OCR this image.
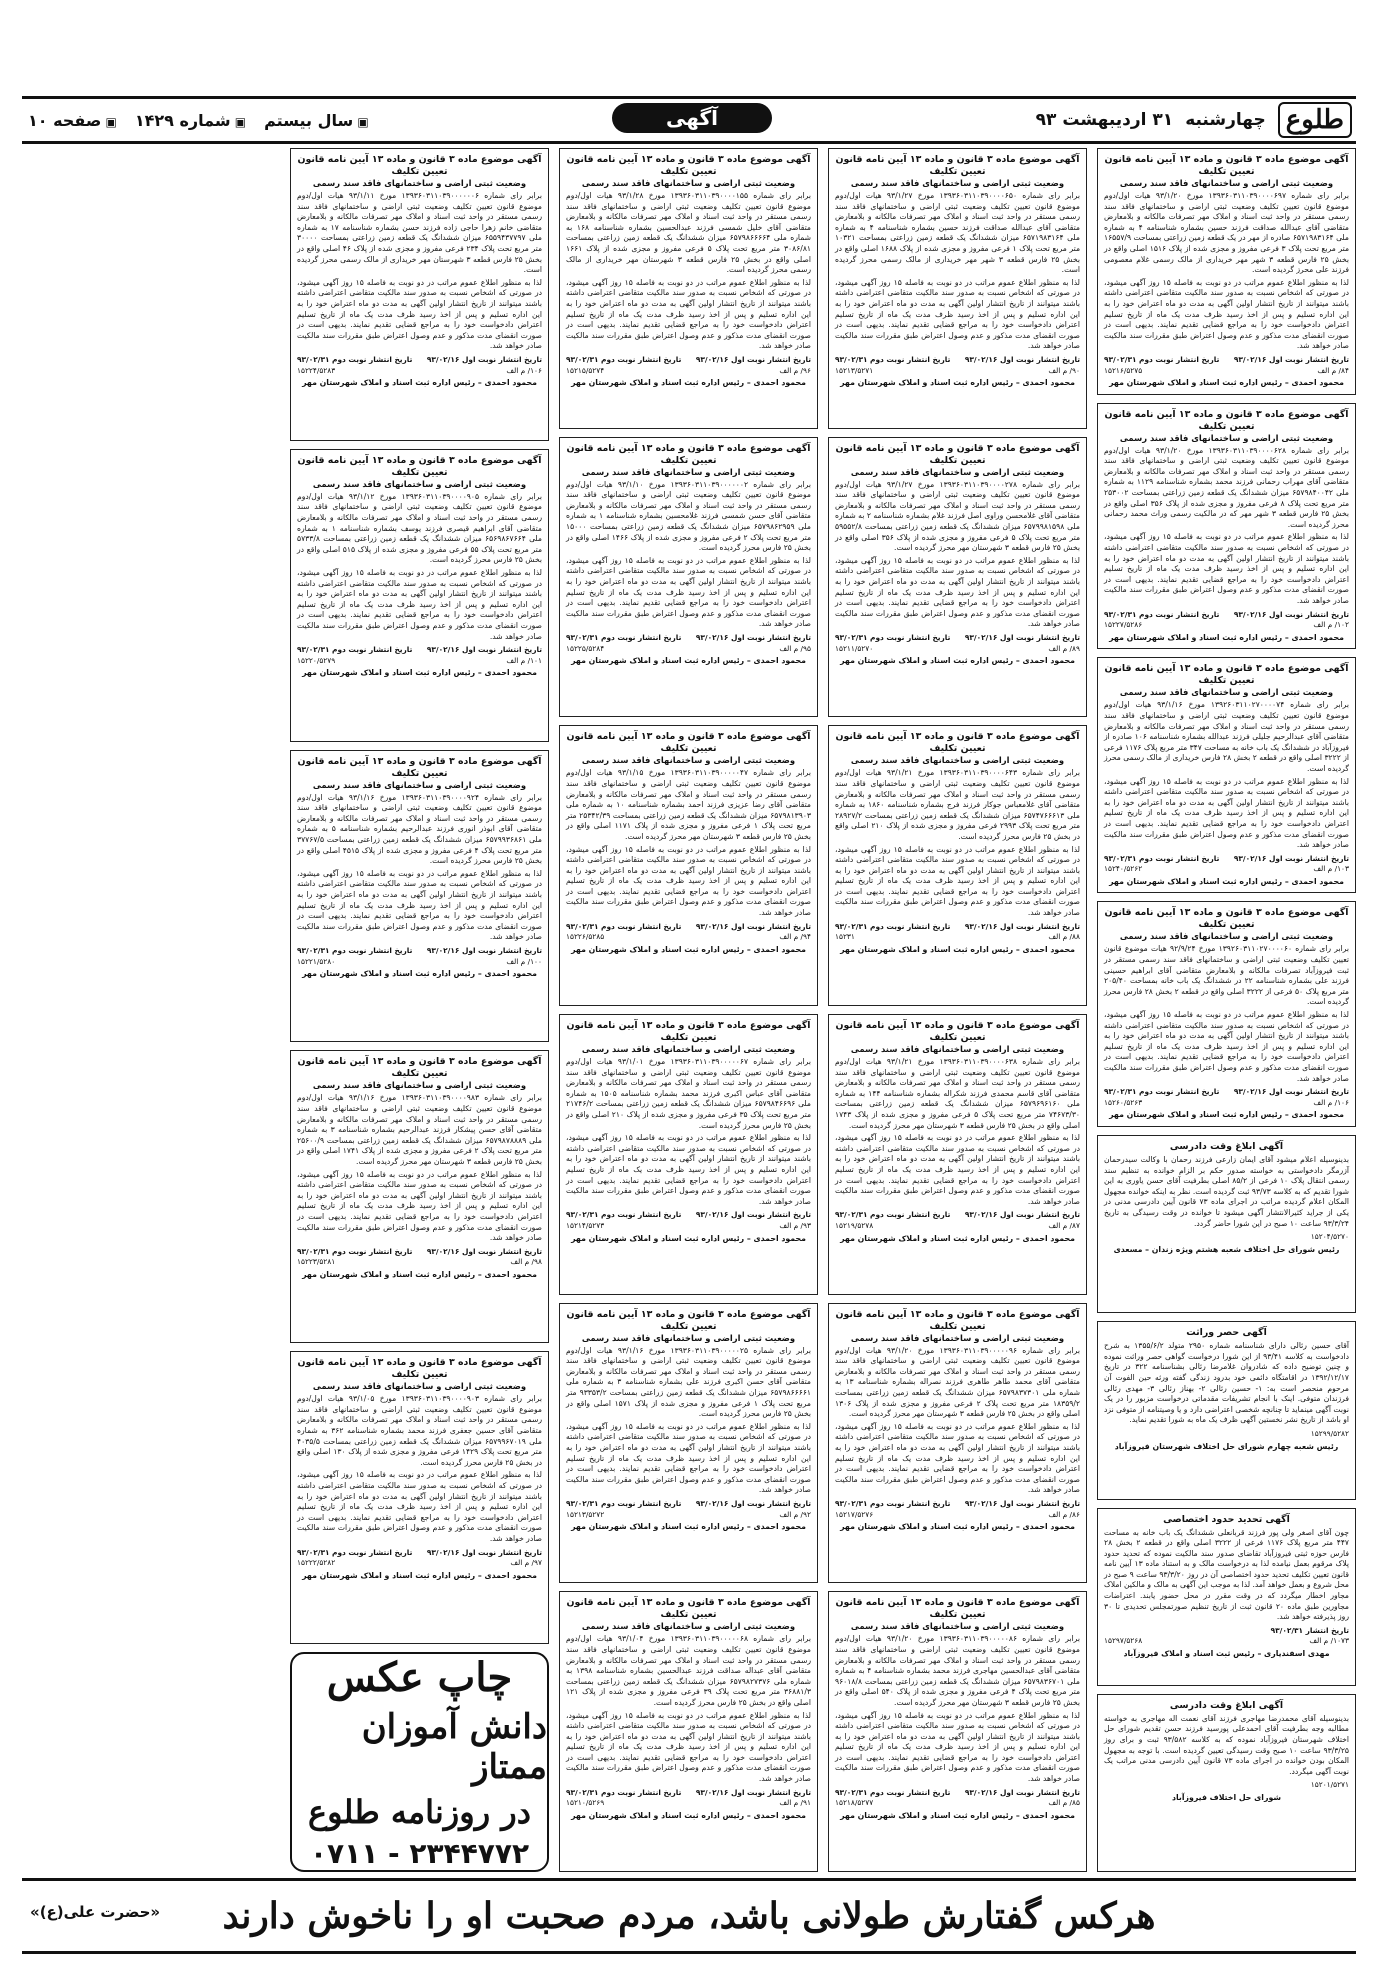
طلوع
چهارشنبه
۳۱ اردیبهشت ۹۳
آگهی
▣ سال بیستم
▣ شماره ۱۴۲۹
▣ صفحه ۱۰
آگهی موضوع ماده ۳ قانون و ماده ۱۳ آیین نامه قانون تعیین تکلیف
وضعیت ثبتی اراضی و ساختمانهای فاقد سند رسمی
برابر رای شماره ۱۳۹۳۶۰۳۱۱۰۳۹۰۰۰۰۶۹۷ مورخ ۹۳/۱/۲۰ هیات اول/دوم موضوع قانون تعیین تکلیف وضعیت ثبتی اراضی و ساختمانهای فاقد سند رسمی مستقر در واحد ثبت اسناد و املاک مهر تصرفات مالکانه و بلامعارض متقاضی آقای عبدالله صداقت فرزند حسین بشماره شناسنامه ۴ به شماره ملی ۶۵۷۱۹۸۳۱۶۴ صادره از مهر در یک قطعه زمین زراعتی بمساحت ۱۶۵۵۷/۹ متر مربع تحت پلاک ۳ فرعی مفروز و مجزی شده از پلاک ۱۵۱۶ اصلی واقع در بخش ۲۵ فارس قطعه ۳ شهر مهر خریداری از مالک رسمی غلام معصومی فرزند علی محرز گردیده است.
لذا به منظور اطلاع عموم مراتب در دو نوبت به فاصله ۱۵ روز آگهی میشود، در صورتی که اشخاص نسبت به صدور سند مالکیت متقاضی اعتراضی داشته باشند میتوانند از تاریخ انتشار اولین آگهی به مدت دو ماه اعتراض خود را به این اداره تسلیم و پس از اخذ رسید ظرف مدت یک ماه از تاریخ تسلیم اعتراض دادخواست خود را به مراجع قضایی تقدیم نمایند. بدیهی است در صورت انقضای مدت مذکور و عدم وصول اعتراض طبق مقررات سند مالکیت صادر خواهد شد.
تاریخ انتشار نوبت اول ۹۳/۰۲/۱۶
تاریخ انتشار نوبت دوم ۹۳/۰۲/۳۱
۸۴/ م الف
۱۵۲۱۶/۵۲۷۵
محمود احمدی – رئیس اداره ثبت اسناد و املاک شهرستان مهر
آگهی موضوع ماده ۳ قانون و ماده ۱۳ آیین نامه قانون تعیین تکلیف
وضعیت ثبتی اراضی و ساختمانهای فاقد سند رسمی
برابر رای شماره ۱۳۹۳۶۰۳۱۱۰۳۹۰۰۰۰۶۲۸ مورخ ۹۳/۱/۲۰ هیات اول/دوم موضوع قانون تعیین تکلیف وضعیت ثبتی اراضی و ساختمانهای فاقد سند رسمی مستقر در واحد ثبت اسناد و املاک مهر تصرفات مالکانه و بلامعارض متقاضی آقای مهراب رحمانی فرزند محمد بشماره شناسنامه ۱۱۲۹ به شماره ملی ۶۵۷۹۸۴۰۰۴۲ میزان ششدانگ یک قطعه زمین زراعتی بمساحت ۲۵۳۰۰۲ متر مربع تحت پلاک ۸ فرعی مفروز و مجزی شده از پلاک ۳۵۶ اصلی واقع در بخش ۲۵ فارس قطعه ۳ شهر مهر که در مالکیت رسمی وراث محمد رحمانی محرز گردیده است.
لذا به منظور اطلاع عموم مراتب در دو نوبت به فاصله ۱۵ روز آگهی میشود، در صورتی که اشخاص نسبت به صدور سند مالکیت متقاضی اعتراضی داشته باشند میتوانند از تاریخ انتشار اولین آگهی به مدت دو ماه اعتراض خود را به این اداره تسلیم و پس از اخذ رسید ظرف مدت یک ماه از تاریخ تسلیم اعتراض دادخواست خود را به مراجع قضایی تقدیم نمایند. بدیهی است در صورت انقضای مدت مذکور و عدم وصول اعتراض طبق مقررات سند مالکیت صادر خواهد شد.
تاریخ انتشار نوبت اول ۹۳/۰۲/۱۶
تاریخ انتشار نوبت دوم ۹۳/۰۲/۳۱
۱۰۲/ م الف
۱۵۲۲۷/۵۲۸۶
محمود احمدی – رئیس اداره ثبت اسناد و املاک شهرستان مهر
آگهی موضوع ماده ۳ قانون و ماده ۱۳ آیین نامه قانون تعیین تکلیف
وضعیت ثبتی اراضی و ساختمانهای فاقد سند رسمی
برابر رای شماره ۱۳۹۲۶۰۳۱۱۰۲۷۰۰۰۰۷۴ مورخ ۹۳/۱/۱۶ هیات اول/دوم موضوع قانون تعیین تکلیف وضعیت ثبتی اراضی و ساختمانهای فاقد سند رسمی مستقر در واحد ثبت اسناد و املاک مهر تصرفات مالکانه و بلامعارض متقاضی آقای عبدالرحیم جلیلی فرزند عبدالله بشماره شناسنامه ۱۰۶ صادره از فیروزآباد در ششدانگ یک باب خانه به مساحت ۳۴۷ متر مربع پلاک ۱۱۷۶ فرعی از ۳۲۲۲ اصلی واقع در قطعه ۲ بخش ۲۸ فارس خریداری از مالک رسمی محرز گردیده است.
لذا به منظور اطلاع عموم مراتب در دو نوبت به فاصله ۱۵ روز آگهی میشود، در صورتی که اشخاص نسبت به صدور سند مالکیت متقاضی اعتراضی داشته باشند میتوانند از تاریخ انتشار اولین آگهی به مدت دو ماه اعتراض خود را به این اداره تسلیم و پس از اخذ رسید ظرف مدت یک ماه از تاریخ تسلیم اعتراض دادخواست خود را به مراجع قضایی تقدیم نمایند. بدیهی است در صورت انقضای مدت مذکور و عدم وصول اعتراض طبق مقررات سند مالکیت صادر خواهد شد.
تاریخ انتشار نوبت اول ۹۳/۰۲/۱۶
تاریخ انتشار نوبت دوم ۹۳/۰۲/۳۱
۱۰۳/ م الف
۱۵۲۴۰/۵۲۶۲
محمود احمدی – رئیس اداره ثبت اسناد و املاک شهرستان مهر
آگهی موضوع ماده ۳ قانون و ماده ۱۳ آیین نامه قانون تعیین تکلیف
وضعیت ثبتی اراضی و ساختمانهای فاقد سند رسمی
برابر رای شماره ۱۳۹۲۶۰۳۱۱۰۲۷۰۰۰۰۶۰ مورخ ۹۲/۹/۲۴ هیات موضوع قانون تعیین تکلیف وضعیت ثبتی اراضی و ساختمانهای فاقد سند رسمی مستقر در ثبت فیروزآباد تصرفات مالکانه و بلامعارض متقاضی آقای ابراهیم حسینی فرزند علی بشماره شناسنامه ۲۲ در ششدانگ یک باب خانه بمساحت ۲۰۵/۴۰ متر مربع پلاک ۵۰ فرعی از ۳۲۲۲ اصلی واقع در قطعه ۲ بخش ۲۸ فارس محرز گردیده است.
لذا به منظور اطلاع عموم مراتب در دو نوبت به فاصله ۱۵ روز آگهی میشود، در صورتی که اشخاص نسبت به صدور سند مالکیت متقاضی اعتراضی داشته باشند میتوانند از تاریخ انتشار اولین آگهی به مدت دو ماه اعتراض خود را به این اداره تسلیم و پس از اخذ رسید ظرف مدت یک ماه از تاریخ تسلیم اعتراض دادخواست خود را به مراجع قضایی تقدیم نمایند. بدیهی است در صورت انقضای مدت مذکور و عدم وصول اعتراض طبق مقررات سند مالکیت صادر خواهد شد.
تاریخ انتشار نوبت اول ۹۳/۰۲/۱۶
تاریخ انتشار نوبت دوم ۹۳/۰۲/۳۱
۱۰۶/ م الف
۱۵۲۶۰/۵۲۶۳
محمود احمدی – رئیس اداره ثبت اسناد و املاک شهرستان مهر
آگهی ابلاغ وقت دادرسی
بدینوسیله اعلام میشود آقای ایمان زارعی فرزند رحمان با وکالت سیدرحمان آزرمگر دادخواستی به خواسته صدور حکم بر الزام خوانده به تنظیم سند رسمی انتقال پلاک ۱۰ فرعی از ۸۵/۲ اصلی بطرفیت آقای حسن یاوری به این شورا تقدیم که به کلاسه ۹۳/۷۳ ثبت گردیده است. نظر به اینکه خوانده مجهول المکان اعلام گردیده مراتب در اجرای ماده ۷۳ قانون آیین دادرسی مدنی در یکی از جراید کثیرالانتشار آگهی میشود تا خوانده در وقت رسیدگی به تاریخ ۹۳/۳/۲۴ ساعت ۱۰ صبح در این شورا حاضر گردد.
۱۵۲۰۴/۵۲۷۰
رئیس شورای حل اختلاف شعبه هشتم ویژه زندان – مسعدی
آگهی حصر وراثت
آقای حسین رئالی دارای شناسنامه شماره ۲۹۵۰ متولد ۱۳۵۵/۶/۲ به شرح دادخواست به کلاسه ۹۳/۴۱ از این شورا درخواست گواهی حصر وراثت نموده و چنین توضیح داده که شادروان غلامرضا رئالی بشناسنامه ۳۲۲ در تاریخ ۱۳۹۲/۱۲/۱۷ در اقامتگاه دائمی خود بدرود زندگی گفته ورثه حین الفوت آن مرحوم منحصر است به: ۱- حسین رئالی ۲- بهناز رئالی ۳- مهدی رئالی فرزندان متوفی. اینک با انجام تشریفات مقدماتی درخواست مزبور را در یک نوبت آگهی مینماید تا چنانچه شخصی اعتراضی دارد و یا وصیتنامه از متوفی نزد او باشد از تاریخ نشر نخستین آگهی ظرف یک ماه به شورا تقدیم نماید.
۱۵۲۹۹/۵۲۸۲
رئیس شعبه چهارم شورای حل اختلاف شهرستان فیروزآباد
آگهی تحدید حدود اختصاصی
چون آقای اصغر ولی پور فرزند قربانعلی ششدانگ یک باب خانه به مساحت ۴۴۷ متر مربع پلاک ۱۱۷۶ فرعی از ۳۲۲۲ اصلی واقع در قطعه ۲ بخش ۲۸ فارس حوزه ثبتی فیروزآباد تقاضای صدور سند مالکیت نموده که تحدید حدود پلاک مرقوم بعمل نیامده لذا به درخواست مالک و به استناد ماده ۱۳ آیین نامه قانون تعیین تکلیف تحدید حدود اختصاصی آن در روز ۹۳/۳/۲۰ ساعت ۹ صبح در محل شروع و بعمل خواهد آمد. لذا به موجب این آگهی به مالک و مالکین املاک مجاور اخطار میگردد که در وقت مقرر در محل حضور یابند. اعتراضات مجاورین طبق ماده ۲۰ قانون ثبت از تاریخ تنظیم صورتمجلس تحدیدی تا ۳۰ روز پذیرفته خواهد شد.
تاریخ انتشار ۹۳/۰۲/۳۱
۱۰۷۳/ م الف
۱۵۲۹۷/۵۲۶۸
مهدی اسفندیاری – رئیس ثبت اسناد و املاک فیروزآباد
آگهی ابلاغ وقت دادرسی
بدینوسیله آقای محمدرضا مهاجری فرزند آقای نعمت اله مهاجری به خواسته مطالبه وجه بطرفیت آقای احمدعلی پورسید فرزند حسن تقدیم شورای حل اختلاف شهرستان فیروزآباد نموده که به کلاسه ۹۳/۵۸۲ ثبت و برای روز ۹۳/۳/۲۵ ساعت ۱۰ صبح وقت رسیدگی تعیین گردیده است. با توجه به مجهول المکان بودن خوانده در اجرای ماده ۷۳ قانون آیین دادرسی مدنی مراتب یک نوبت آگهی میگردد.
۱۵۲۰۱/۵۲۷۱
شورای حل اختلاف فیروزآباد
آگهی موضوع ماده ۳ قانون و ماده ۱۳ آیین نامه قانون تعیین تکلیف
وضعیت ثبتی اراضی و ساختمانهای فاقد سند رسمی
برابر رای شماره ۱۳۹۳۶۰۳۱۱۰۳۹۰۰۰۰۶۵۰ مورخ ۹۳/۱/۲۷ هیات اول/دوم موضوع قانون تعیین تکلیف وضعیت ثبتی اراضی و ساختمانهای فاقد سند رسمی مستقر در واحد ثبت اسناد و املاک مهر تصرفات مالکانه و بلامعارض متقاضی آقای عبدالله صداقت فرزند حسین بشماره شناسنامه ۴ به شماره ملی ۶۵۷۱۹۸۳۱۶۴ میزان ششدانگ یک قطعه زمین زراعتی بمساحت ۱۰۳۲۱ متر مربع تحت پلاک ۱ فرعی مفروز و مجزی شده از پلاک ۱۶۸۸ اصلی واقع در بخش ۲۵ فارس قطعه ۳ شهر مهر خریداری از مالک رسمی محرز گردیده است.
لذا به منظور اطلاع عموم مراتب در دو نوبت به فاصله ۱۵ روز آگهی میشود، در صورتی که اشخاص نسبت به صدور سند مالکیت متقاضی اعتراضی داشته باشند میتوانند از تاریخ انتشار اولین آگهی به مدت دو ماه اعتراض خود را به این اداره تسلیم و پس از اخذ رسید ظرف مدت یک ماه از تاریخ تسلیم اعتراض دادخواست خود را به مراجع قضایی تقدیم نمایند. بدیهی است در صورت انقضای مدت مذکور و عدم وصول اعتراض طبق مقررات سند مالکیت صادر خواهد شد.
تاریخ انتشار نوبت اول ۹۳/۰۲/۱۶
تاریخ انتشار نوبت دوم ۹۳/۰۲/۳۱
۹۰/ م الف
۱۵۲۱۳/۵۲۷۱
محمود احمدی – رئیس اداره ثبت اسناد و املاک شهرستان مهر
آگهی موضوع ماده ۳ قانون و ماده ۱۳ آیین نامه قانون تعیین تکلیف
وضعیت ثبتی اراضی و ساختمانهای فاقد سند رسمی
برابر رای شماره ۱۳۹۳۶۰۳۱۱۰۳۹۰۰۰۰۲۷۸ مورخ ۹۳/۱/۲۷ هیات اول/دوم موضوع قانون تعیین تکلیف وضعیت ثبتی اراضی و ساختمانهای فاقد سند رسمی مستقر در واحد ثبت اسناد و املاک مهر تصرفات مالکانه و بلامعارض متقاضی آقای غلامحسن وراوی اصل فرزند غلام بشماره شناسنامه ۲ به شماره ملی ۶۵۷۹۹۸۱۵۹۸ میزان ششدانگ یک قطعه زمین زراعتی بمساحت ۵۹۵۵۲/۸ متر مربع تحت پلاک ۵ فرعی مفروز و مجزی شده از پلاک ۳۵۶ اصلی واقع در بخش ۲۵ فارس قطعه ۳ شهرستان مهر محرز گردیده است.
لذا به منظور اطلاع عموم مراتب در دو نوبت به فاصله ۱۵ روز آگهی میشود، در صورتی که اشخاص نسبت به صدور سند مالکیت متقاضی اعتراضی داشته باشند میتوانند از تاریخ انتشار اولین آگهی به مدت دو ماه اعتراض خود را به این اداره تسلیم و پس از اخذ رسید ظرف مدت یک ماه از تاریخ تسلیم اعتراض دادخواست خود را به مراجع قضایی تقدیم نمایند. بدیهی است در صورت انقضای مدت مذکور و عدم وصول اعتراض طبق مقررات سند مالکیت صادر خواهد شد.
تاریخ انتشار نوبت اول ۹۳/۰۲/۱۶
تاریخ انتشار نوبت دوم ۹۳/۰۲/۳۱
۸۹/ م الف
۱۵۲۱۱/۵۲۷۰
محمود احمدی – رئیس اداره ثبت اسناد و املاک شهرستان مهر
آگهی موضوع ماده ۳ قانون و ماده ۱۳ آیین نامه قانون تعیین تکلیف
وضعیت ثبتی اراضی و ساختمانهای فاقد سند رسمی
برابر رای شماره ۱۳۹۳۶۰۳۱۱۰۳۹۰۰۰۰۶۴۳ مورخ ۹۳/۱/۲۱ هیات اول/دوم موضوع قانون تعیین تکلیف وضعیت ثبتی اراضی و ساختمانهای فاقد سند رسمی مستقر در واحد ثبت اسناد و املاک مهر تصرفات مالکانه و بلامعارض متقاضی آقای غلامعباس جوکار فرزند فرج بشماره شناسنامه ۱۸۶۰ به شماره ملی ۶۵۷۴۷۶۶۶۱۳ میزان ششدانگ یک قطعه زمین زراعتی بمساحت ۲۸۹۲۷/۲ متر مربع تحت پلاک ۲۹۹۳ فرعی مفروز و مجزی شده از پلاک ۲۱۰ اصلی واقع در بخش ۲۵ فارس محرز گردیده است.
لذا به منظور اطلاع عموم مراتب در دو نوبت به فاصله ۱۵ روز آگهی میشود، در صورتی که اشخاص نسبت به صدور سند مالکیت متقاضی اعتراضی داشته باشند میتوانند از تاریخ انتشار اولین آگهی به مدت دو ماه اعتراض خود را به این اداره تسلیم و پس از اخذ رسید ظرف مدت یک ماه از تاریخ تسلیم اعتراض دادخواست خود را به مراجع قضایی تقدیم نمایند. بدیهی است در صورت انقضای مدت مذکور و عدم وصول اعتراض طبق مقررات سند مالکیت صادر خواهد شد.
تاریخ انتشار نوبت اول ۹۳/۰۲/۱۶
تاریخ انتشار نوبت دوم ۹۳/۰۲/۳۱
۸۸/ م الف
۱۵۲۳۱
محمود احمدی – رئیس اداره ثبت اسناد و املاک شهرستان مهر
آگهی موضوع ماده ۳ قانون و ماده ۱۳ آیین نامه قانون تعیین تکلیف
وضعیت ثبتی اراضی و ساختمانهای فاقد سند رسمی
برابر رای شماره ۱۳۹۳۶۰۳۱۱۰۳۹۰۰۰۰۶۳۸ مورخ ۹۳/۱/۲۱ هیات اول/دوم موضوع قانون تعیین تکلیف وضعیت ثبتی اراضی و ساختمانهای فاقد سند رسمی مستقر در واحد ثبت اسناد و املاک مهر تصرفات مالکانه و بلامعارض متقاضی آقای قاسم محمدی فرزند شکراله بشماره شناسنامه ۱۴۴ به شماره ملی ۶۵۷۹۶۹۶۱۶۰ میزان ششدانگ یک قطعه زمین زراعتی بمساحت ۷۴۶۷۳/۳۰ متر مربع تحت پلاک ۵ فرعی مفروز و مجزی شده از پلاک ۱۷۴۳ اصلی واقع در بخش ۲۵ فارس قطعه ۳ شهرستان مهر محرز گردیده است.
لذا به منظور اطلاع عموم مراتب در دو نوبت به فاصله ۱۵ روز آگهی میشود، در صورتی که اشخاص نسبت به صدور سند مالکیت متقاضی اعتراضی داشته باشند میتوانند از تاریخ انتشار اولین آگهی به مدت دو ماه اعتراض خود را به این اداره تسلیم و پس از اخذ رسید ظرف مدت یک ماه از تاریخ تسلیم اعتراض دادخواست خود را به مراجع قضایی تقدیم نمایند. بدیهی است در صورت انقضای مدت مذکور و عدم وصول اعتراض طبق مقررات سند مالکیت صادر خواهد شد.
تاریخ انتشار نوبت اول ۹۳/۰۲/۱۶
تاریخ انتشار نوبت دوم ۹۳/۰۲/۳۱
۸۷/ م الف
۱۵۲۱۹/۵۲۷۸
محمود احمدی – رئیس اداره ثبت اسناد و املاک شهرستان مهر
آگهی موضوع ماده ۳ قانون و ماده ۱۳ آیین نامه قانون تعیین تکلیف
وضعیت ثبتی اراضی و ساختمانهای فاقد سند رسمی
برابر رای شماره ۱۳۹۳۶۰۳۱۱۰۳۹۰۰۰۰۰۹۶ مورخ ۹۳/۱/۲۰ هیات اول/دوم موضوع قانون تعیین تکلیف وضعیت ثبتی اراضی و ساختمانهای فاقد سند رسمی مستقر در واحد ثبت اسناد و املاک مهر تصرفات مالکانه و بلامعارض متقاضی آقای محمد طاهر طاهری فرزند نصراله بشماره شناسنامه ۱۳ به شماره ملی ۶۵۷۹۸۳۷۳۰۱ میزان ششدانگ یک قطعه زمین زراعتی بمساحت ۱۸۳۵۹/۲ متر مربع تحت پلاک ۲ فرعی مفروز و مجزی شده از پلاک ۱۳۰۶ اصلی واقع در بخش ۲۵ فارس قطعه ۳ شهرستان مهر محرز گردیده است.
لذا به منظور اطلاع عموم مراتب در دو نوبت به فاصله ۱۵ روز آگهی میشود، در صورتی که اشخاص نسبت به صدور سند مالکیت متقاضی اعتراضی داشته باشند میتوانند از تاریخ انتشار اولین آگهی به مدت دو ماه اعتراض خود را به این اداره تسلیم و پس از اخذ رسید ظرف مدت یک ماه از تاریخ تسلیم اعتراض دادخواست خود را به مراجع قضایی تقدیم نمایند. بدیهی است در صورت انقضای مدت مذکور و عدم وصول اعتراض طبق مقررات سند مالکیت صادر خواهد شد.
تاریخ انتشار نوبت اول ۹۳/۰۲/۱۶
تاریخ انتشار نوبت دوم ۹۳/۰۲/۳۱
۸۶/ م الف
۱۵۲۱۷/۵۲۷۶
محمود احمدی – رئیس اداره ثبت اسناد و املاک شهرستان مهر
آگهی موضوع ماده ۳ قانون و ماده ۱۳ آیین نامه قانون تعیین تکلیف
وضعیت ثبتی اراضی و ساختمانهای فاقد سند رسمی
برابر رای شماره ۱۳۹۳۶۰۳۱۱۰۳۹۰۰۰۰۰۸۶ مورخ ۹۳/۱/۲۰ هیات اول/دوم موضوع قانون تعیین تکلیف وضعیت ثبتی اراضی و ساختمانهای فاقد سند رسمی مستقر در واحد ثبت اسناد و املاک مهر تصرفات مالکانه و بلامعارض متقاضی آقای عبدالحسین مهاجری فرزند محمد بشماره شناسنامه ۴ به شماره ملی ۶۵۷۹۸۳۶۷۰۱ میزان ششدانگ یک قطعه زمین زراعتی بمساحت ۹۶۰۱۸/۸ متر مربع تحت پلاک ۴ فرعی مفروز و مجزی شده از پلاک ۵۴۰ اصلی واقع در بخش ۲۵ فارس قطعه ۳ شهرستان مهر محرز گردیده است.
لذا به منظور اطلاع عموم مراتب در دو نوبت به فاصله ۱۵ روز آگهی میشود، در صورتی که اشخاص نسبت به صدور سند مالکیت متقاضی اعتراضی داشته باشند میتوانند از تاریخ انتشار اولین آگهی به مدت دو ماه اعتراض خود را به این اداره تسلیم و پس از اخذ رسید ظرف مدت یک ماه از تاریخ تسلیم اعتراض دادخواست خود را به مراجع قضایی تقدیم نمایند. بدیهی است در صورت انقضای مدت مذکور و عدم وصول اعتراض طبق مقررات سند مالکیت صادر خواهد شد.
تاریخ انتشار نوبت اول ۹۳/۰۲/۱۶
تاریخ انتشار نوبت دوم ۹۳/۰۲/۳۱
۸۵/ م الف
۱۵۲۱۸/۵۲۷۷
محمود احمدی – رئیس اداره ثبت اسناد و املاک شهرستان مهر
آگهی موضوع ماده ۳ قانون و ماده ۱۳ آیین نامه قانون تعیین تکلیف
وضعیت ثبتی اراضی و ساختمانهای فاقد سند رسمی
برابر رای شماره ۱۳۹۳۶۰۳۱۱۰۳۹۰۰۰۰۱۵۵ مورخ ۹۳/۱/۲۸ هیات اول/دوم موضوع قانون تعیین تکلیف وضعیت ثبتی اراضی و ساختمانهای فاقد سند رسمی مستقر در واحد ثبت اسناد و املاک مهر تصرفات مالکانه و بلامعارض متقاضی آقای خلیل شمسی فرزند عبدالحسین بشماره شناسنامه ۱۶۸ به شماره ملی ۶۵۷۹۸۶۶۶۶۴ میزان ششدانگ یک قطعه زمین زراعتی بمساحت ۳۰۸۶/۸۱ متر مربع تحت پلاک ۵ فرعی مفروز و مجزی شده از پلاک ۱۶۶۱ اصلی واقع در بخش ۲۵ فارس قطعه ۳ شهرستان مهر خریداری از مالک رسمی محرز گردیده است.
لذا به منظور اطلاع عموم مراتب در دو نوبت به فاصله ۱۵ روز آگهی میشود، در صورتی که اشخاص نسبت به صدور سند مالکیت متقاضی اعتراضی داشته باشند میتوانند از تاریخ انتشار اولین آگهی به مدت دو ماه اعتراض خود را به این اداره تسلیم و پس از اخذ رسید ظرف مدت یک ماه از تاریخ تسلیم اعتراض دادخواست خود را به مراجع قضایی تقدیم نمایند. بدیهی است در صورت انقضای مدت مذکور و عدم وصول اعتراض طبق مقررات سند مالکیت صادر خواهد شد.
تاریخ انتشار نوبت اول ۹۳/۰۲/۱۶
تاریخ انتشار نوبت دوم ۹۳/۰۲/۳۱
۹۶/ م الف
۱۵۲۱۵/۵۲۷۴
محمود احمدی – رئیس اداره ثبت اسناد و املاک شهرستان مهر
آگهی موضوع ماده ۳ قانون و ماده ۱۳ آیین نامه قانون تعیین تکلیف
وضعیت ثبتی اراضی و ساختمانهای فاقد سند رسمی
برابر رای شماره ۱۳۹۳۶۰۳۱۱۰۳۹۰۰۰۰۰۰۲ مورخ ۹۳/۱/۱۰ هیات اول/دوم موضوع قانون تعیین تکلیف وضعیت ثبتی اراضی و ساختمانهای فاقد سند رسمی مستقر در واحد ثبت اسناد و املاک مهر تصرفات مالکانه و بلامعارض متقاضی آقای حسن شمسی فرزند غلامحسین بشماره شناسنامه ۱ به شماره ملی ۶۵۷۹۸۶۲۹۵۹ میزان ششدانگ یک قطعه زمین زراعتی بمساحت ۱۵۰۰۰ متر مربع تحت پلاک ۲ فرعی مفروز و مجزی شده از پلاک ۱۴۶۶ اصلی واقع در بخش ۲۵ فارس محرز گردیده است.
لذا به منظور اطلاع عموم مراتب در دو نوبت به فاصله ۱۵ روز آگهی میشود، در صورتی که اشخاص نسبت به صدور سند مالکیت متقاضی اعتراضی داشته باشند میتوانند از تاریخ انتشار اولین آگهی به مدت دو ماه اعتراض خود را به این اداره تسلیم و پس از اخذ رسید ظرف مدت یک ماه از تاریخ تسلیم اعتراض دادخواست خود را به مراجع قضایی تقدیم نمایند. بدیهی است در صورت انقضای مدت مذکور و عدم وصول اعتراض طبق مقررات سند مالکیت صادر خواهد شد.
تاریخ انتشار نوبت اول ۹۳/۰۲/۱۶
تاریخ انتشار نوبت دوم ۹۳/۰۲/۳۱
۹۵/ م الف
۱۵۲۲۵/۵۲۸۴
محمود احمدی – رئیس اداره ثبت اسناد و املاک شهرستان مهر
آگهی موضوع ماده ۳ قانون و ماده ۱۳ آیین نامه قانون تعیین تکلیف
وضعیت ثبتی اراضی و ساختمانهای فاقد سند رسمی
برابر رای شماره ۱۳۹۳۶۰۳۱۱۰۳۹۰۰۰۰۰۴۷ مورخ ۹۳/۱/۱۵ هیات اول/دوم موضوع قانون تعیین تکلیف وضعیت ثبتی اراضی و ساختمانهای فاقد سند رسمی مستقر در واحد ثبت اسناد و املاک مهر تصرفات مالکانه و بلامعارض متقاضی آقای رضا عزیزی فرزند احمد بشماره شناسنامه ۱۰ به شماره ملی ۶۵۷۹۸۱۳۹۰۳ میزان ششدانگ یک قطعه زمین زراعتی بمساحت ۲۵۳۴۲/۳۹ متر مربع تحت پلاک ۱ فرعی مفروز و مجزی شده از پلاک ۱۱۷۱ اصلی واقع در بخش ۲۵ فارس قطعه ۳ شهرستان مهر محرز گردیده است.
لذا به منظور اطلاع عموم مراتب در دو نوبت به فاصله ۱۵ روز آگهی میشود، در صورتی که اشخاص نسبت به صدور سند مالکیت متقاضی اعتراضی داشته باشند میتوانند از تاریخ انتشار اولین آگهی به مدت دو ماه اعتراض خود را به این اداره تسلیم و پس از اخذ رسید ظرف مدت یک ماه از تاریخ تسلیم اعتراض دادخواست خود را به مراجع قضایی تقدیم نمایند. بدیهی است در صورت انقضای مدت مذکور و عدم وصول اعتراض طبق مقررات سند مالکیت صادر خواهد شد.
تاریخ انتشار نوبت اول ۹۳/۰۲/۱۶
تاریخ انتشار نوبت دوم ۹۳/۰۲/۳۱
۹۴/ م الف
۱۵۲۲۶/۵۲۸۵
محمود احمدی – رئیس اداره ثبت اسناد و املاک شهرستان مهر
آگهی موضوع ماده ۳ قانون و ماده ۱۳ آیین نامه قانون تعیین تکلیف
وضعیت ثبتی اراضی و ساختمانهای فاقد سند رسمی
برابر رای شماره ۱۳۹۳۶۰۳۱۱۰۳۹۰۰۰۰۰۶۷ مورخ ۹۳/۱/۰۱ هیات اول/دوم موضوع قانون تعیین تکلیف وضعیت ثبتی اراضی و ساختمانهای فاقد سند رسمی مستقر در واحد ثبت اسناد و املاک مهر تصرفات مالکانه و بلامعارض متقاضی آقای عباس اکبری فرزند محمد بشماره شناسنامه ۱۵۰۵ به شماره ملی ۶۵۷۹۸۴۶۶۹۶ میزان ششدانگ یک قطعه زمین زراعتی بمساحت ۲۱۷۴۶/۲ متر مربع تحت پلاک ۳۵ فرعی مفروز و مجزی شده از پلاک ۲۱۰ اصلی واقع در بخش ۲۵ فارس محرز گردیده است.
لذا به منظور اطلاع عموم مراتب در دو نوبت به فاصله ۱۵ روز آگهی میشود، در صورتی که اشخاص نسبت به صدور سند مالکیت متقاضی اعتراضی داشته باشند میتوانند از تاریخ انتشار اولین آگهی به مدت دو ماه اعتراض خود را به این اداره تسلیم و پس از اخذ رسید ظرف مدت یک ماه از تاریخ تسلیم اعتراض دادخواست خود را به مراجع قضایی تقدیم نمایند. بدیهی است در صورت انقضای مدت مذکور و عدم وصول اعتراض طبق مقررات سند مالکیت صادر خواهد شد.
تاریخ انتشار نوبت اول ۹۳/۰۲/۱۶
تاریخ انتشار نوبت دوم ۹۳/۰۲/۳۱
۹۳/ م الف
۱۵۲۱۴/۵۲۷۳
محمود احمدی – رئیس اداره ثبت اسناد و املاک شهرستان مهر
آگهی موضوع ماده ۳ قانون و ماده ۱۳ آیین نامه قانون تعیین تکلیف
وضعیت ثبتی اراضی و ساختمانهای فاقد سند رسمی
برابر رای شماره ۱۳۹۳۶۰۳۱۱۰۳۹۰۰۰۰۰۲۵ مورخ ۹۳/۱/۱۶ هیات اول/دوم موضوع قانون تعیین تکلیف وضعیت ثبتی اراضی و ساختمانهای فاقد سند رسمی مستقر در واحد ثبت اسناد و املاک مهر تصرفات مالکانه و بلامعارض متقاضی آقای حسن اکبری فرزند علی بشماره شناسنامه ۳ به شماره ملی ۶۵۷۹۸۶۶۶۶۱ میزان ششدانگ یک قطعه زمین زراعتی بمساحت ۹۳۳۵۳/۲ متر مربع تحت پلاک ۱ فرعی مفروز و مجزی شده از پلاک ۱۵۷۱ اصلی واقع در بخش ۲۵ فارس محرز گردیده است.
لذا به منظور اطلاع عموم مراتب در دو نوبت به فاصله ۱۵ روز آگهی میشود، در صورتی که اشخاص نسبت به صدور سند مالکیت متقاضی اعتراضی داشته باشند میتوانند از تاریخ انتشار اولین آگهی به مدت دو ماه اعتراض خود را به این اداره تسلیم و پس از اخذ رسید ظرف مدت یک ماه از تاریخ تسلیم اعتراض دادخواست خود را به مراجع قضایی تقدیم نمایند. بدیهی است در صورت انقضای مدت مذکور و عدم وصول اعتراض طبق مقررات سند مالکیت صادر خواهد شد.
تاریخ انتشار نوبت اول ۹۳/۰۲/۱۶
تاریخ انتشار نوبت دوم ۹۳/۰۲/۳۱
۹۲/ م الف
۱۵۲۱۳/۵۲۷۲
محمود احمدی – رئیس اداره ثبت اسناد و املاک شهرستان مهر
آگهی موضوع ماده ۳ قانون و ماده ۱۳ آیین نامه قانون تعیین تکلیف
وضعیت ثبتی اراضی و ساختمانهای فاقد سند رسمی
برابر رای شماره ۱۳۹۳۶۰۳۱۱۰۳۹۰۰۰۰۰۶۸ مورخ ۹۳/۱/۰۴ هیات اول/دوم موضوع قانون تعیین تکلیف وضعیت ثبتی اراضی و ساختمانهای فاقد سند رسمی مستقر در واحد ثبت اسناد و املاک مهر تصرفات مالکانه و بلامعارض متقاضی آقای عبداله صداقت فرزند عبدالحسین بشماره شناسنامه ۱۳۹۸ به شماره ملی ۶۵۷۹۸۲۷۳۷۶ میزان ششدانگ یک قطعه زمین زراعتی بمساحت ۳۶۸۸۱/۳ متر مربع تحت پلاک ۳۹ فرعی مفروز و مجزی شده از پلاک ۱۲۱ اصلی واقع در بخش ۲۵ فارس محرز گردیده است.
لذا به منظور اطلاع عموم مراتب در دو نوبت به فاصله ۱۵ روز آگهی میشود، در صورتی که اشخاص نسبت به صدور سند مالکیت متقاضی اعتراضی داشته باشند میتوانند از تاریخ انتشار اولین آگهی به مدت دو ماه اعتراض خود را به این اداره تسلیم و پس از اخذ رسید ظرف مدت یک ماه از تاریخ تسلیم اعتراض دادخواست خود را به مراجع قضایی تقدیم نمایند. بدیهی است در صورت انقضای مدت مذکور و عدم وصول اعتراض طبق مقررات سند مالکیت صادر خواهد شد.
تاریخ انتشار نوبت اول ۹۳/۰۲/۱۶
تاریخ انتشار نوبت دوم ۹۳/۰۲/۳۱
۹۱/ م الف
۱۵۲۱۰/۵۲۶۹
محمود احمدی – رئیس اداره ثبت اسناد و املاک شهرستان مهر
آگهی موضوع ماده ۳ قانون و ماده ۱۳ آیین نامه قانون تعیین تکلیف
وضعیت ثبتی اراضی و ساختمانهای فاقد سند رسمی
برابر رای شماره ۱۳۹۳۶۰۳۱۱۰۳۹۰۰۰۰۰۰۶ مورخ ۹۳/۱/۱۱ هیات اول/دوم موضوع قانون تعیین تکلیف وضعیت ثبتی اراضی و ساختمانهای فاقد سند رسمی مستقر در واحد ثبت اسناد و املاک مهر تصرفات مالکانه و بلامعارض متقاضی خانم زهرا حاجی زاده فرزند حسن بشماره شناسنامه ۱۷ به شماره ملی ۶۵۵۹۴۳۷۷۹۷ میزان ششدانگ یک قطعه زمین زراعتی بمساحت ۳۰۰۰۰ متر مربع تحت پلاک ۲۳۴ فرعی مفروز و مجزی شده از پلاک ۴۶ اصلی واقع در بخش ۲۵ فارس قطعه ۳ شهرستان مهر خریداری از مالک رسمی محرز گردیده است.
لذا به منظور اطلاع عموم مراتب در دو نوبت به فاصله ۱۵ روز آگهی میشود، در صورتی که اشخاص نسبت به صدور سند مالکیت متقاضی اعتراضی داشته باشند میتوانند از تاریخ انتشار اولین آگهی به مدت دو ماه اعتراض خود را به این اداره تسلیم و پس از اخذ رسید ظرف مدت یک ماه از تاریخ تسلیم اعتراض دادخواست خود را به مراجع قضایی تقدیم نمایند. بدیهی است در صورت انقضای مدت مذکور و عدم وصول اعتراض طبق مقررات سند مالکیت صادر خواهد شد.
تاریخ انتشار نوبت اول ۹۳/۰۲/۱۶
تاریخ انتشار نوبت دوم ۹۳/۰۲/۳۱
۱۰۶/ م الف
۱۵۲۲۴/۵۲۸۳
محمود احمدی – رئیس اداره ثبت اسناد و املاک شهرستان مهر
آگهی موضوع ماده ۳ قانون و ماده ۱۳ آیین نامه قانون تعیین تکلیف
وضعیت ثبتی اراضی و ساختمانهای فاقد سند رسمی
برابر رای شماره ۱۳۹۳۶۰۳۱۱۰۳۹۰۰۰۰۹۰۵ مورخ ۹۳/۱/۱۲ هیات اول/دوم موضوع قانون تعیین تکلیف وضعیت ثبتی اراضی و ساختمانهای فاقد سند رسمی مستقر در واحد ثبت اسناد و املاک مهر تصرفات مالکانه و بلامعارض متقاضی آقای ابراهیم قیصری فرزند یوسف بشماره شناسنامه ۱ به شماره ملی ۶۵۶۹۸۶۷۶۶۴ میزان ششدانگ یک قطعه زمین زراعتی بمساحت ۵۷۳۳/۸ متر مربع تحت پلاک ۵۵ فرعی مفروز و مجزی شده از پلاک ۵۱۵ اصلی واقع در بخش ۲۵ فارس محرز گردیده است.
لذا به منظور اطلاع عموم مراتب در دو نوبت به فاصله ۱۵ روز آگهی میشود، در صورتی که اشخاص نسبت به صدور سند مالکیت متقاضی اعتراضی داشته باشند میتوانند از تاریخ انتشار اولین آگهی به مدت دو ماه اعتراض خود را به این اداره تسلیم و پس از اخذ رسید ظرف مدت یک ماه از تاریخ تسلیم اعتراض دادخواست خود را به مراجع قضایی تقدیم نمایند. بدیهی است در صورت انقضای مدت مذکور و عدم وصول اعتراض طبق مقررات سند مالکیت صادر خواهد شد.
تاریخ انتشار نوبت اول ۹۳/۰۲/۱۶
تاریخ انتشار نوبت دوم ۹۳/۰۲/۳۱
۱۰۱/ م الف
۱۵۲۲۰/۵۲۷۹
محمود احمدی – رئیس اداره ثبت اسناد و املاک شهرستان مهر
آگهی موضوع ماده ۳ قانون و ماده ۱۳ آیین نامه قانون تعیین تکلیف
وضعیت ثبتی اراضی و ساختمانهای فاقد سند رسمی
برابر رای شماره ۱۳۹۳۶۰۳۱۱۰۳۹۰۰۰۰۹۲۴ مورخ ۹۳/۱/۱۶ هیات اول/دوم موضوع قانون تعیین تکلیف وضعیت ثبتی اراضی و ساختمانهای فاقد سند رسمی مستقر در واحد ثبت اسناد و املاک مهر تصرفات مالکانه و بلامعارض متقاضی آقای ابوذر انوری فرزند عبدالرحیم بشماره شناسنامه ۵ به شماره ملی ۶۵۷۹۹۳۶۸۶۱ میزان ششدانگ یک قطعه زمین زراعتی بمساحت ۳۷۷۶۷/۵ متر مربع تحت پلاک ۴ فرعی مفروز و مجزی شده از پلاک ۴۵۱۵ اصلی واقع در بخش ۲۵ فارس محرز گردیده است.
لذا به منظور اطلاع عموم مراتب در دو نوبت به فاصله ۱۵ روز آگهی میشود، در صورتی که اشخاص نسبت به صدور سند مالکیت متقاضی اعتراضی داشته باشند میتوانند از تاریخ انتشار اولین آگهی به مدت دو ماه اعتراض خود را به این اداره تسلیم و پس از اخذ رسید ظرف مدت یک ماه از تاریخ تسلیم اعتراض دادخواست خود را به مراجع قضایی تقدیم نمایند. بدیهی است در صورت انقضای مدت مذکور و عدم وصول اعتراض طبق مقررات سند مالکیت صادر خواهد شد.
تاریخ انتشار نوبت اول ۹۳/۰۲/۱۶
تاریخ انتشار نوبت دوم ۹۳/۰۲/۳۱
۱۰۰/ م الف
۱۵۲۲۱/۵۲۸۰
محمود احمدی – رئیس اداره ثبت اسناد و املاک شهرستان مهر
آگهی موضوع ماده ۳ قانون و ماده ۱۳ آیین نامه قانون تعیین تکلیف
وضعیت ثبتی اراضی و ساختمانهای فاقد سند رسمی
برابر رای شماره ۱۳۹۳۶۰۳۱۱۰۳۹۰۰۰۰۹۸۳ مورخ ۹۳/۱/۱۶ هیات اول/دوم موضوع قانون تعیین تکلیف وضعیت ثبتی اراضی و ساختمانهای فاقد سند رسمی مستقر در واحد ثبت اسناد و املاک مهر تصرفات مالکانه و بلامعارض متقاضی آقای حسن پیشکار فرزند عبدالرحیم بشماره شناسنامه ۳ به شماره ملی ۶۵۷۹۸۷۸۸۸۹ میزان ششدانگ یک قطعه زمین زراعتی بمساحت ۲۵۶۰۰/۹ متر مربع تحت پلاک ۲ فرعی مفروز و مجزی شده از پلاک ۱۷۴۱ اصلی واقع در بخش ۲۵ فارس قطعه ۳ شهرستان مهر محرز گردیده است.
لذا به منظور اطلاع عموم مراتب در دو نوبت به فاصله ۱۵ روز آگهی میشود، در صورتی که اشخاص نسبت به صدور سند مالکیت متقاضی اعتراضی داشته باشند میتوانند از تاریخ انتشار اولین آگهی به مدت دو ماه اعتراض خود را به این اداره تسلیم و پس از اخذ رسید ظرف مدت یک ماه از تاریخ تسلیم اعتراض دادخواست خود را به مراجع قضایی تقدیم نمایند. بدیهی است در صورت انقضای مدت مذکور و عدم وصول اعتراض طبق مقررات سند مالکیت صادر خواهد شد.
تاریخ انتشار نوبت اول ۹۳/۰۲/۱۶
تاریخ انتشار نوبت دوم ۹۳/۰۲/۳۱
۹۸/ م الف
۱۵۲۲۳/۵۲۸۱
محمود احمدی – رئیس اداره ثبت اسناد و املاک شهرستان مهر
آگهی موضوع ماده ۳ قانون و ماده ۱۳ آیین نامه قانون تعیین تکلیف
وضعیت ثبتی اراضی و ساختمانهای فاقد سند رسمی
برابر رای شماره ۱۳۹۳۶۰۳۱۱۰۳۹۰۰۰۰۹۰۳ مورخ ۹۳/۱/۰۵ هیات اول/دوم موضوع قانون تعیین تکلیف وضعیت ثبتی اراضی و ساختمانهای فاقد سند رسمی مستقر در واحد ثبت اسناد و املاک مهر تصرفات مالکانه و بلامعارض متقاضی آقای حسین جعفری فرزند محمد بشماره شناسنامه ۳۶۲ به شماره ملی ۶۵۷۹۹۶۷۰۱۹ میزان ششدانگ یک قطعه زمین زراعتی بمساحت ۴۰۳۵/۵ متر مربع تحت پلاک ۱۴۲۹ فرعی مفروز و مجزی شده از پلاک ۱۳۰ اصلی واقع در بخش ۲۵ فارس محرز گردیده است.
لذا به منظور اطلاع عموم مراتب در دو نوبت به فاصله ۱۵ روز آگهی میشود، در صورتی که اشخاص نسبت به صدور سند مالکیت متقاضی اعتراضی داشته باشند میتوانند از تاریخ انتشار اولین آگهی به مدت دو ماه اعتراض خود را به این اداره تسلیم و پس از اخذ رسید ظرف مدت یک ماه از تاریخ تسلیم اعتراض دادخواست خود را به مراجع قضایی تقدیم نمایند. بدیهی است در صورت انقضای مدت مذکور و عدم وصول اعتراض طبق مقررات سند مالکیت صادر خواهد شد.
تاریخ انتشار نوبت اول ۹۳/۰۲/۱۶
تاریخ انتشار نوبت دوم ۹۳/۰۲/۳۱
۹۷/ م الف
۱۵۲۲۲/۵۲۸۲
محمود احمدی – رئیس اداره ثبت اسناد و املاک شهرستان مهر
چاپ عکس
دانش آموزان ممتاز
در روزنامه طلوع
۰۷۱۱ - ۲۳۴۴۷۷۲
هرکس گفتارش طولانی باشد، مردم صحبت او را ناخوش دارند
«حضرت علی(ع)»
